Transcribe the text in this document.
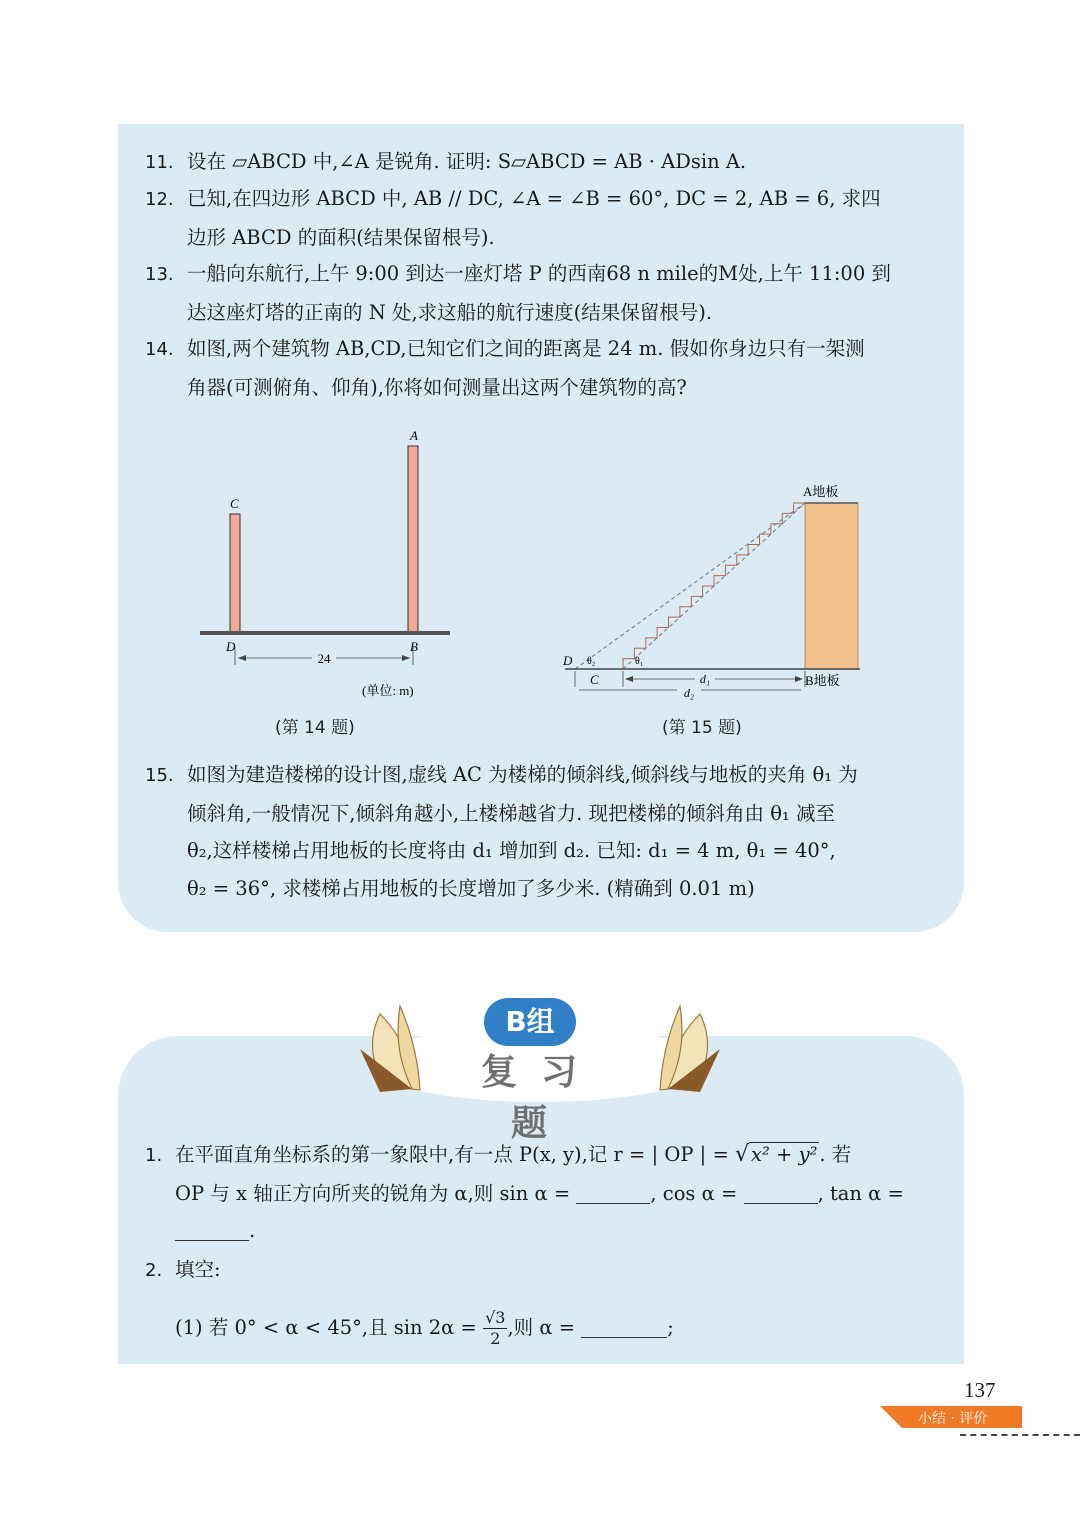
11. 设在 ▱ABCD 中,∠A 是锐角. 证明: S▱ABCD = AB · ADsin A.
12. 已知,在四边形 ABCD 中, AB // DC, ∠A = ∠B = 60°, DC = 2, AB = 6, 求四
边形 ABCD 的面积(结果保留根号).
13. 一船向东航行,上午 9:00 到达一座灯塔 P 的西南68 n mile的M处,上午 11:00 到
达这座灯塔的正南的 N 处,求这船的航行速度(结果保留根号).
14. 如图,两个建筑物 AB,CD,已知它们之间的距离是 24 m. 假如你身边只有一架测
角器(可测俯角、仰角),你将如何测量出这两个建筑物的高?
C
A
D	B
24
(单位: m)
(第 14 题)
A地板
B地板
D
C
θ₂	θ₁
d₁
d₂
(第 15 题)
15. 如图为建造楼梯的设计图,虚线 AC 为楼梯的倾斜线,倾斜线与地板的夹角 θ₁ 为
倾斜角,一般情况下,倾斜角越小,上楼梯越省力. 现把楼梯的倾斜角由 θ₁ 减至
θ₂,这样楼梯占用地板的长度将由 d₁ 增加到 d₂. 已知: d₁ = 4 m, θ₁ = 40°,
θ₂ = 36°, 求楼梯占用地板的长度增加了多少米. (精确到 0.01 m)
B组
复习题
1. 在平面直角坐标系的第一象限中,有一点 P(x, y),记 r = | OP | = √ x² + y² . 若
OP 与 x 轴正方向所夹的锐角为 α,则 sin α =	, cos α =	, tan α =
.
2. 填空:
(1) 若 0° < α < 45°,且 $\sin 2\alpha = \frac{√3}{2}$ ,则 α =	;
137
小结 · 评价
